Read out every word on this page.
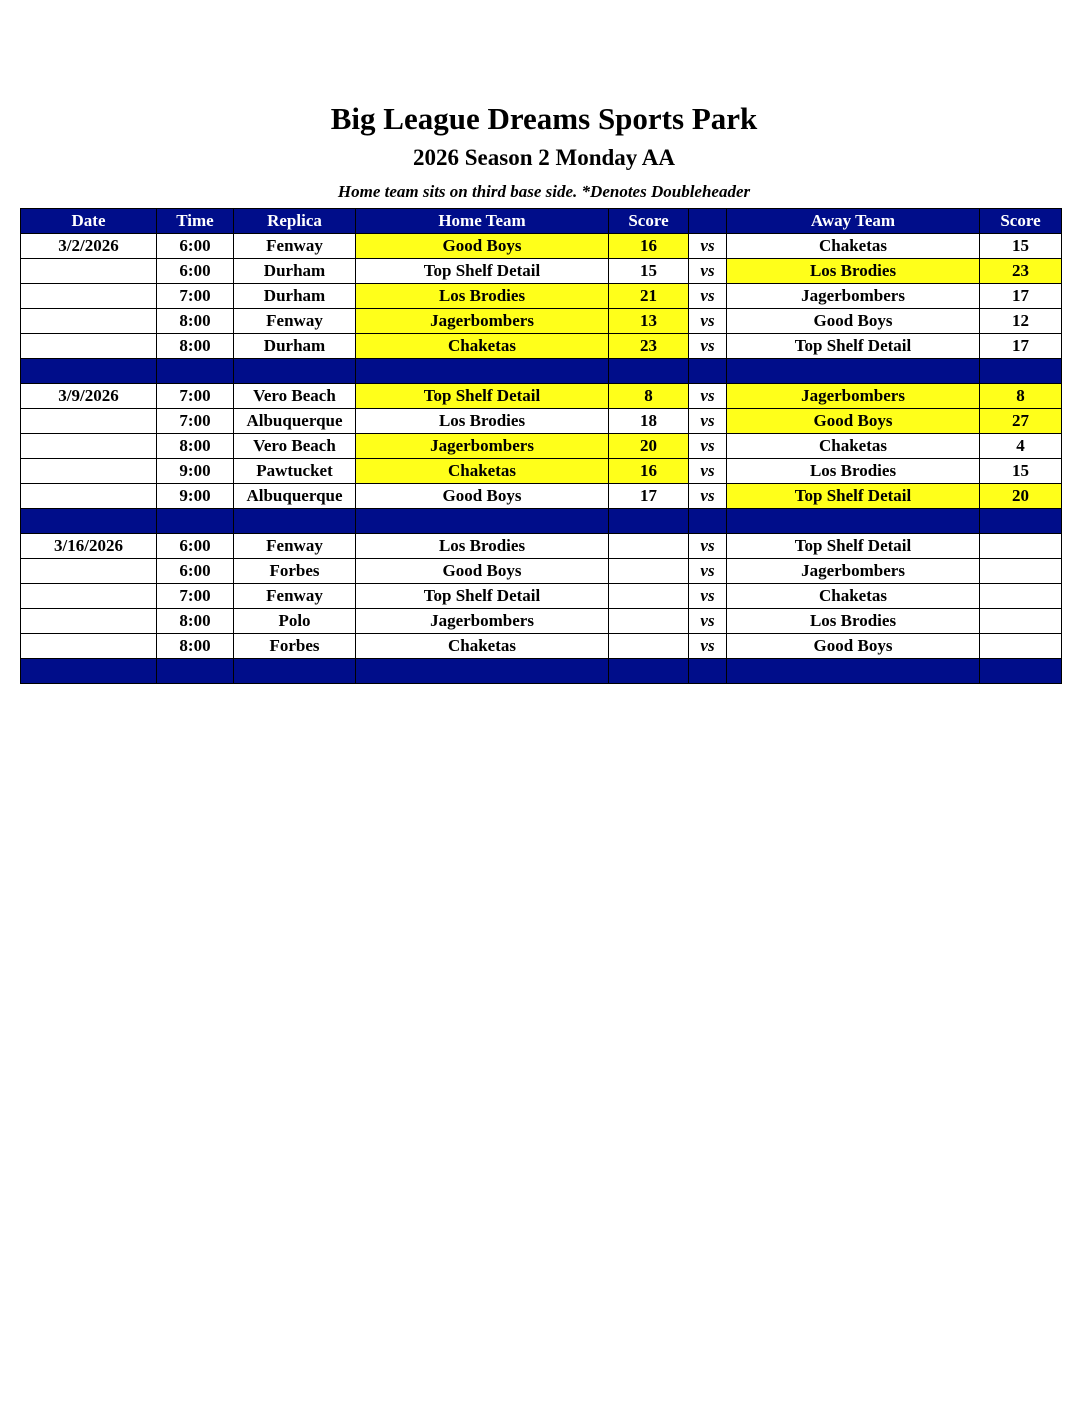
Big League Dreams Sports Park
2026 Season 2 Monday AA
Home team sits on third base side. *Denotes Doubleheader
Date	Time	Replica	Home Team	Score		Away Team	Score
3/2/2026	6:00	Fenway	Good Boys	16	vs	Chaketas	15
	6:00	Durham	Top Shelf Detail	15	vs	Los Brodies	23
	7:00	Durham	Los Brodies	21	vs	Jagerbombers	17
	8:00	Fenway	Jagerbombers	13	vs	Good Boys	12
	8:00	Durham	Chaketas	23	vs	Top Shelf Detail	17

3/9/2026	7:00	Vero Beach	Top Shelf Detail	8	vs	Jagerbombers	8
	7:00	Albuquerque	Los Brodies	18	vs	Good Boys	27
	8:00	Vero Beach	Jagerbombers	20	vs	Chaketas	4
	9:00	Pawtucket	Chaketas	16	vs	Los Brodies	15
	9:00	Albuquerque	Good Boys	17	vs	Top Shelf Detail	20

3/16/2026	6:00	Fenway	Los Brodies		vs	Top Shelf Detail	
	6:00	Forbes	Good Boys		vs	Jagerbombers	
	7:00	Fenway	Top Shelf Detail		vs	Chaketas	
	8:00	Polo	Jagerbombers		vs	Los Brodies	
	8:00	Forbes	Chaketas		vs	Good Boys	
